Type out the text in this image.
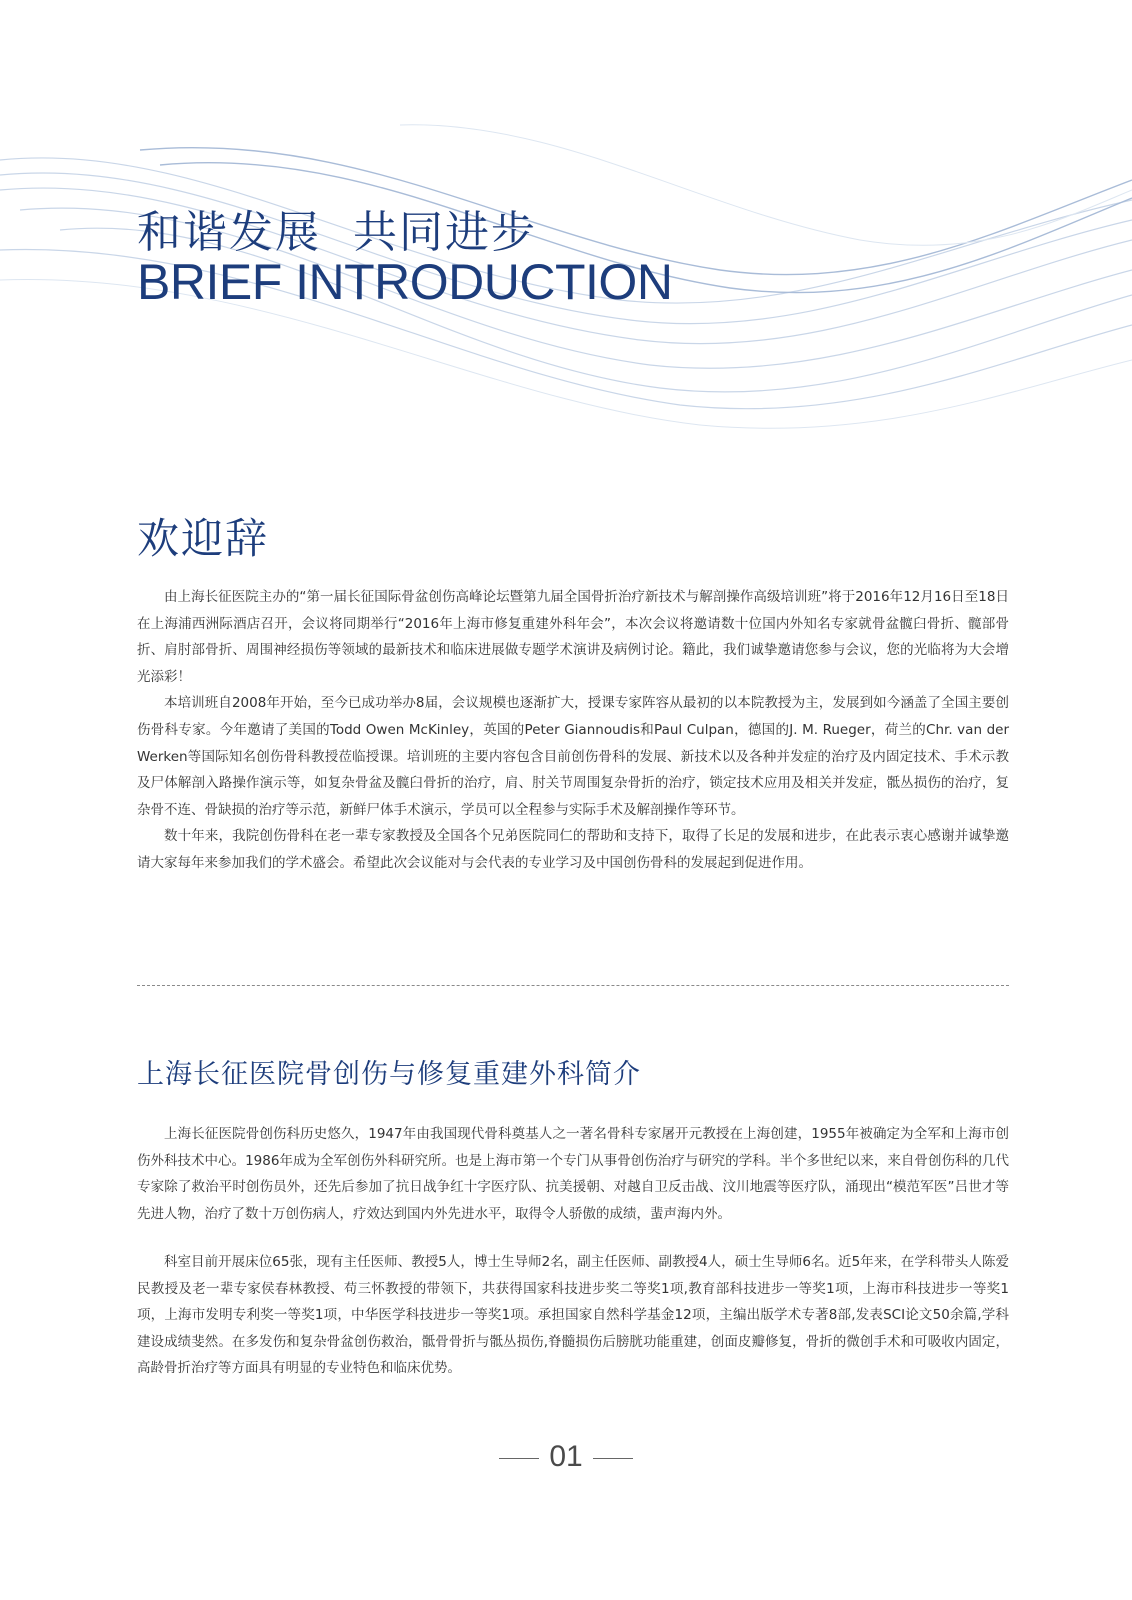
和谐发展  共同进步
BRIEF INTRODUCTION
欢迎辞

由上海长征医院主办的“第一届长征国际骨盆创伤高峰论坛暨第九届全国骨折治疗新技术与解剖操作高级培训班”将于2016年12月16日至18日在上海浦西洲际酒店召开，会议将同期举行“2016年上海市修复重建外科年会”，本次会议将邀请数十位国内外知名专家就骨盆髋臼骨折、髋部骨折、肩肘部骨折、周围神经损伤等领域的最新技术和临床进展做专题学术演讲及病例讨论。籍此，我们诚挚邀请您参与会议，您的光临将为大会增光添彩！

本培训班自2008年开始，至今已成功举办8届，会议规模也逐渐扩大，授课专家阵容从最初的以本院教授为主，发展到如今涵盖了全国主要创伤骨科专家。今年邀请了美国的Todd Owen McKinley，英国的Peter Giannoudis和Paul Culpan，德国的J. M. Rueger，荷兰的Chr. van der Werken等国际知名创伤骨科教授莅临授课。培训班的主要内容包含目前创伤骨科的发展、新技术以及各种并发症的治疗及内固定技术、手术示教及尸体解剖入路操作演示等，如复杂骨盆及髋臼骨折的治疗，肩、肘关节周围复杂骨折的治疗，锁定技术应用及相关并发症，骶丛损伤的治疗，复杂骨不连、骨缺损的治疗等示范，新鲜尸体手术演示，学员可以全程参与实际手术及解剖操作等环节。

数十年来，我院创伤骨科在老一辈专家教授及全国各个兄弟医院同仁的帮助和支持下，取得了长足的发展和进步，在此表示衷心感谢并诚挚邀请大家每年来参加我们的学术盛会。希望此次会议能对与会代表的专业学习及中国创伤骨科的发展起到促进作用。

上海长征医院骨创伤与修复重建外科简介

上海长征医院骨创伤科历史悠久，1947年由我国现代骨科奠基人之一著名骨科专家屠开元教授在上海创建，1955年被确定为全军和上海市创伤外科技术中心。1986年成为全军创伤外科研究所。也是上海市第一个专门从事骨创伤治疗与研究的学科。半个多世纪以来，来自骨创伤科的几代专家除了救治平时创伤员外，还先后参加了抗日战争红十字医疗队、抗美援朝、对越自卫反击战、汶川地震等医疗队，涌现出“模范军医”吕世才等先进人物，治疗了数十万创伤病人，疗效达到国内外先进水平，取得令人骄傲的成绩，蜚声海内外。

科室目前开展床位65张，现有主任医师、教授5人，博士生导师2名，副主任医师、副教授4人，硕士生导师6名。近5年来，在学科带头人陈爱民教授及老一辈专家侯春林教授、苟三怀教授的带领下，共获得国家科技进步奖二等奖1项,教育部科技进步一等奖1项，上海市科技进步一等奖1项，上海市发明专利奖一等奖1项，中华医学科技进步一等奖1项。承担国家自然科学基金12项，主编出版学术专著8部,发表SCI论文50余篇,学科建设成绩斐然。在多发伤和复杂骨盆创伤救治，骶骨骨折与骶丛损伤,脊髓损伤后膀胱功能重建，创面皮瓣修复，骨折的微创手术和可吸收内固定，高龄骨折治疗等方面具有明显的专业特色和临床优势。

01
